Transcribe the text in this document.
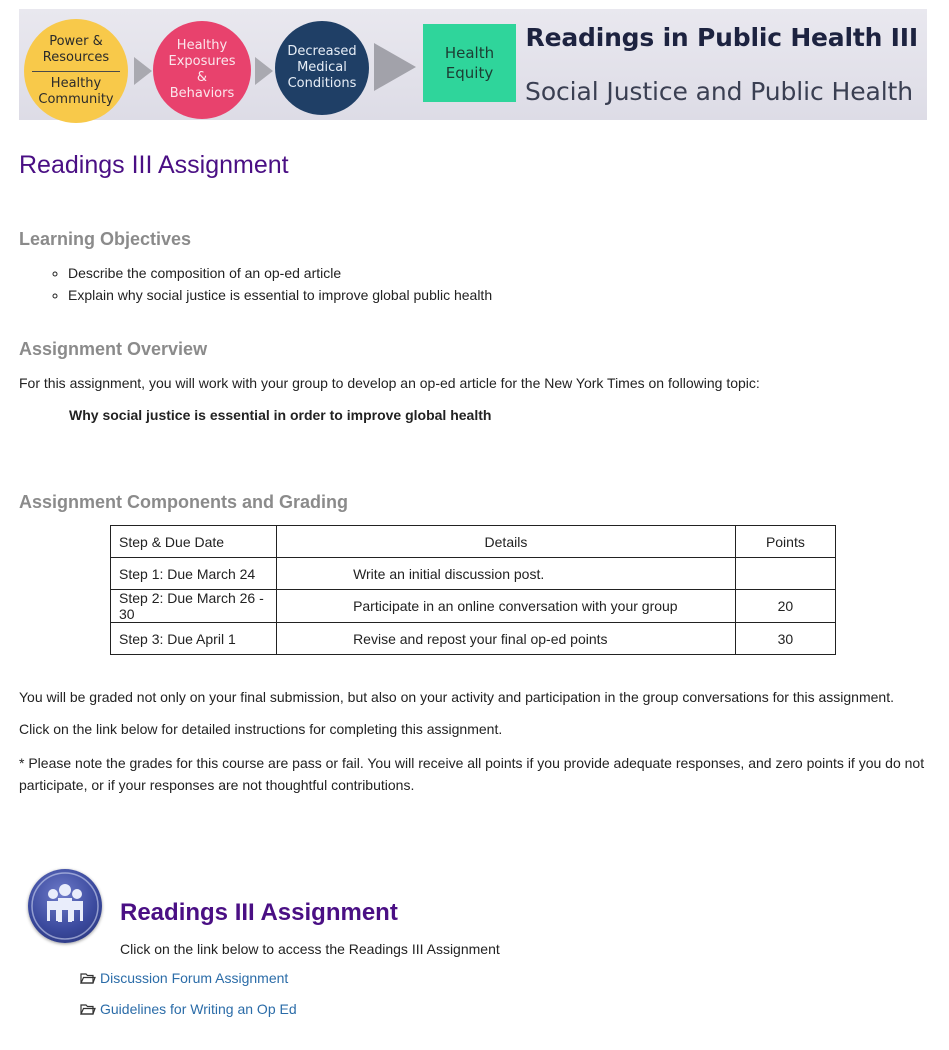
Power &
Resources
Healthy
Community
Healthy
Exposures
&
Behaviors
Decreased
Medical
Conditions
Health
Equity
Readings in Public Health III
Social Justice and Public Health
Readings III Assignment
Learning Objectives
◦ Describe the composition of an op-ed article
◦ Explain why social justice is essential to improve global public health
Assignment Overview

For this assignment, you will work with your group to develop an op-ed article for the New York Times on following topic:

Why social justice is essential in order to improve global health

Assignment Components and Grading
Step & Due Date	Details	Points
Step 1: Due March 24	Write an initial discussion post.	
Step 2: Due March 26 - 30	Participate in an online conversation with your group	20
Step 3: Due April 1	Revise and repost your final op-ed points	30

You will be graded not only on your final submission, but also on your activity and participation in the group conversations for this assignment.

Click on the link below for detailed instructions for completing this assignment.

* Please note the grades for this course are pass or fail. You will receive all points if you provide adequate responses, and zero points if you do not participate, or if your responses are not thoughtful contributions.

Readings III Assignment

Click on the link below to access the Readings III Assignment

Discussion Forum Assignment
Guidelines for Writing an Op Ed
